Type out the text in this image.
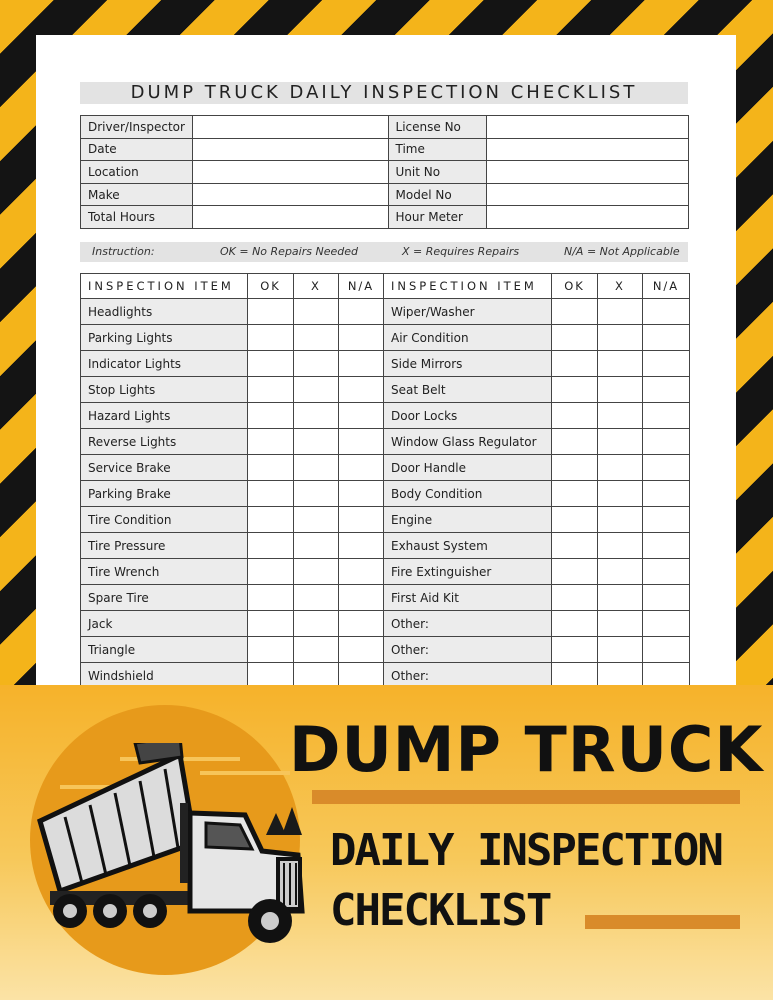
DUMP TRUCK DAILY INSPECTION CHECKLIST
Driver/Inspector		License No	
Date		Time	
Location		Unit No	
Make		Model No	
Total Hours		Hour Meter	
Instruction:	OK = No Repairs Needed	X = Requires Repairs	N/A = Not Applicable
INSPECTION ITEM	OK	X	N/A	INSPECTION ITEM	OK	X	N/A
Headlights				Wiper/Washer			
Parking Lights				Air Condition			
Indicator Lights				Side Mirrors			
Stop Lights				Seat Belt			
Hazard Lights				Door Locks			
Reverse Lights				Window Glass Regulator			
Service Brake				Door Handle			
Parking Brake				Body Condition			
Tire Condition				Engine			
Tire Pressure				Exhaust System			
Tire Wrench				Fire Extinguisher			
Spare Tire				First Aid Kit			
Jack				Other:			
Triangle				Other:			
Windshield				Other:			
DUMP TRUCK
DAILY INSPECTION
CHECKLIST
